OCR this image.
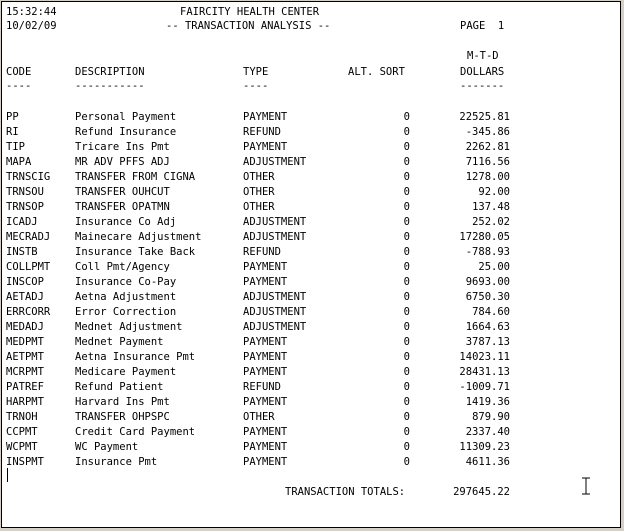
15:32:44	FAIRCITY HEALTH CENTER
10/02/09	-- TRANSACTION ANALYSIS --	PAGE  1
M-T-D
CODE	DESCRIPTION	TYPE	ALT. SORT	DOLLARS
----	-----------	----	-------
PP	Personal Payment	PAYMENT	0	22525.81
RI	Refund Insurance	REFUND	0	-345.86
TIP	Tricare Ins Pmt	PAYMENT	0	2262.81
MAPA	MR ADV PFFS ADJ	ADJUSTMENT	0	7116.56
TRNSCIG TRANSFER FROM CIGNA	OTHER	0	1278.00
TRNSOU	TRANSFER OUHCUT	OTHER	0	92.00
TRNSOP	TRANSFER OPATMN	OTHER	0	137.48
ICADJ	Insurance Co Adj	ADJUSTMENT	0	252.02
MECRADJ Mainecare Adjustment	ADJUSTMENT	0	17280.05
INSTB	Insurance Take Back	REFUND	0	-788.93
COLLPMT Coll Pmt/Agency	PAYMENT	0	25.00
INSCOP	Insurance Co-Pay	PAYMENT	0	9693.00
AETADJ	Aetna Adjustment	ADJUSTMENT	0	6750.30
ERRCORR Error Correction	ADJUSTMENT	0	784.60
MEDADJ	Mednet Adjustment	ADJUSTMENT	0	1664.63
MEDPMT	Mednet Payment	PAYMENT	0	3787.13
AETPMT	Aetna Insurance Pmt	PAYMENT	0	14023.11
MCRPMT	Medicare Payment	PAYMENT	0	28431.13
PATREF	Refund Patient	REFUND	0	-1009.71
HARPMT	Harvard Ins Pmt	PAYMENT	0	1419.36
TRNOH	TRANSFER OHPSPC	OTHER	0	879.90
CCPMT	Credit Card Payment	PAYMENT	0	2337.40
WCPMT	WC Payment	PAYMENT	0	11309.23
INSPMT	Insurance Pmt	PAYMENT	0	4611.36
TRANSACTION TOTALS:	297645.22
